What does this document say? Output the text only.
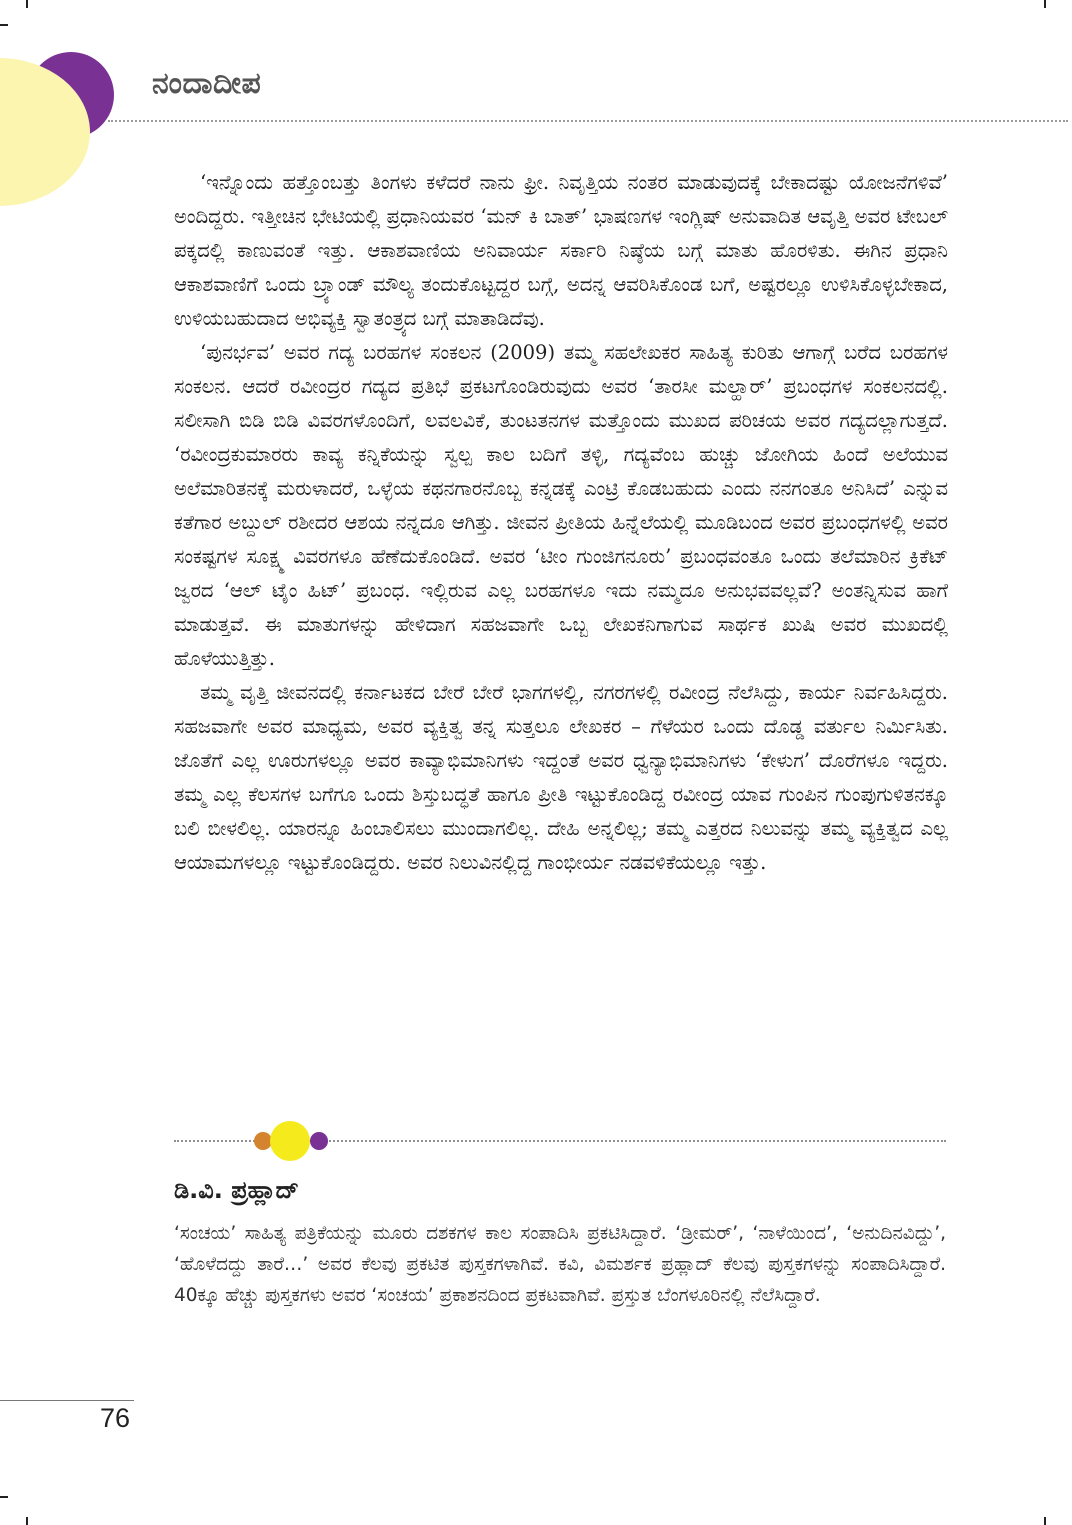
ನಂದಾದೀಪ

‘ಇನ್ನೊಂದು ಹತ್ತೊಂಬತ್ತು ತಿಂಗಳು ಕಳೆದರೆ ನಾನು ಫ್ರೀ. ನಿವೃತ್ತಿಯ ನಂತರ ಮಾಡುವುದಕ್ಕೆ ಬೇಕಾದಷ್ಟು ಯೋಜನೆಗಳಿವೆ’ ಅಂದಿದ್ದರು. ಇತ್ತೀಚಿನ ಭೇಟಿಯಲ್ಲಿ ಪ್ರಧಾನಿಯವರ ‘ಮನ್ ಕಿ ಬಾತ್’ ಭಾಷಣಗಳ ಇಂಗ್ಲಿಷ್ ಅನುವಾದಿತ ಆವೃತ್ತಿ ಅವರ ಟೇಬಲ್ ಪಕ್ಕದಲ್ಲಿ ಕಾಣುವಂತೆ ಇತ್ತು. ಆಕಾಶವಾಣಿಯ ಅನಿವಾರ್ಯ ಸರ್ಕಾರಿ ನಿಷ್ಠೆಯ ಬಗ್ಗೆ ಮಾತು ಹೊರಳಿತು. ಈಗಿನ ಪ್ರಧಾನಿ ಆಕಾಶವಾಣಿಗೆ ಒಂದು ಬ್ರ್ಯಾಂಡ್ ಮೌಲ್ಯ ತಂದುಕೊಟ್ಟದ್ದರ ಬಗ್ಗೆ, ಅದನ್ನ ಆವರಿಸಿಕೊಂಡ ಬಗೆ, ಅಷ್ಟರಲ್ಲೂ ಉಳಿಸಿಕೊಳ್ಳಬೇಕಾದ, ಉಳಿಯಬಹುದಾದ ಅಭಿವ್ಯಕ್ತಿ ಸ್ವಾತಂತ್ರ್ಯದ ಬಗ್ಗೆ ಮಾತಾಡಿದೆವು.

‘ಪುನರ್ಭವ’ ಅವರ ಗದ್ಯ ಬರಹಗಳ ಸಂಕಲನ (2009) ತಮ್ಮ ಸಹಲೇಖಕರ ಸಾಹಿತ್ಯ ಕುರಿತು ಆಗಾಗ್ಗೆ ಬರೆದ ಬರಹಗಳ ಸಂಕಲನ. ಆದರೆ ರವೀಂದ್ರರ ಗದ್ಯದ ಪ್ರತಿಭೆ ಪ್ರಕಟಗೊಂಡಿರುವುದು ಅವರ ‘ತಾರಸೀ ಮಲ್ಹಾರ್’ ಪ್ರಬಂಧಗಳ ಸಂಕಲನದಲ್ಲಿ. ಸಲೀಸಾಗಿ ಬಿಡಿ ಬಿಡಿ ವಿವರಗಳೊಂದಿಗೆ, ಲವಲವಿಕೆ, ತುಂಟತನಗಳ ಮತ್ತೊಂದು ಮುಖದ ಪರಿಚಯ ಅವರ ಗದ್ಯದಲ್ಲಾಗುತ್ತದೆ. ‘ರವೀಂದ್ರಕುಮಾರರು ಕಾವ್ಯ ಕನ್ನಿಕೆಯನ್ನು ಸ್ವಲ್ಪ ಕಾಲ ಬದಿಗೆ ತಳ್ಳಿ, ಗದ್ಯವೆಂಬ ಹುಚ್ಚು ಜೋಗಿಯ ಹಿಂದೆ ಅಲೆಯುವ ಅಲೆಮಾರಿತನಕ್ಕೆ ಮರುಳಾದರೆ, ಒಳ್ಳೆಯ ಕಥನಗಾರನೊಬ್ಬ ಕನ್ನಡಕ್ಕೆ ಎಂಟ್ರಿ ಕೊಡಬಹುದು ಎಂದು ನನಗಂತೂ ಅನಿಸಿದೆ’ ಎನ್ನುವ ಕತೆಗಾರ ಅಬ್ದುಲ್ ರಶೀದರ ಆಶಯ ನನ್ನದೂ ಆಗಿತ್ತು. ಜೀವನ ಪ್ರೀತಿಯ ಹಿನ್ನೆಲೆಯಲ್ಲಿ ಮೂಡಿಬಂದ ಅವರ ಪ್ರಬಂಧಗಳಲ್ಲಿ ಅವರ ಸಂಕಷ್ಟಗಳ ಸೂಕ್ಷ್ಮ ವಿವರಗಳೂ ಹೆಣೆದುಕೊಂಡಿದೆ. ಅವರ ‘ಟೀಂ ಗುಂಜಿಗನೂರು’ ಪ್ರಬಂಧವಂತೂ ಒಂದು ತಲೆಮಾರಿನ ಕ್ರಿಕೆಟ್ ಜ್ವರದ ‘ಆಲ್ ಟೈಂ ಹಿಟ್’ ಪ್ರಬಂಧ. ಇಲ್ಲಿರುವ ಎಲ್ಲ ಬರಹಗಳೂ ಇದು ನಮ್ಮದೂ ಅನುಭವವಲ್ಲವೆ? ಅಂತನ್ನಿಸುವ ಹಾಗೆ ಮಾಡುತ್ತವೆ. ಈ ಮಾತುಗಳನ್ನು ಹೇಳಿದಾಗ ಸಹಜವಾಗೇ ಒಬ್ಬ ಲೇಖಕನಿಗಾಗುವ ಸಾರ್ಥಕ ಖುಷಿ ಅವರ ಮುಖದಲ್ಲಿ ಹೊಳೆಯುತ್ತಿತ್ತು.

ತಮ್ಮ ವೃತ್ತಿ ಜೀವನದಲ್ಲಿ ಕರ್ನಾಟಕದ ಬೇರೆ ಬೇರೆ ಭಾಗಗಳಲ್ಲಿ, ನಗರಗಳಲ್ಲಿ ರವೀಂದ್ರ ನೆಲೆಸಿದ್ದು, ಕಾರ್ಯ ನಿರ್ವಹಿಸಿದ್ದರು. ಸಹಜವಾಗೇ ಅವರ ಮಾಧ್ಯಮ, ಅವರ ವ್ಯಕ್ತಿತ್ವ ತನ್ನ ಸುತ್ತಲೂ ಲೇಖಕರ – ಗೆಳೆಯರ ಒಂದು ದೊಡ್ಡ ವರ್ತುಲ ನಿರ್ಮಿಸಿತು. ಜೊತೆಗೆ ಎಲ್ಲ ಊರುಗಳಲ್ಲೂ ಅವರ ಕಾವ್ಯಾಭಿಮಾನಿಗಳು ಇದ್ದಂತೆ ಅವರ ಧ್ವನ್ಯಾಭಿಮಾನಿಗಳು ‘ಕೇಳುಗ’ ದೊರೆಗಳೂ ಇದ್ದರು. ತಮ್ಮ ಎಲ್ಲ ಕೆಲಸಗಳ ಬಗೆಗೂ ಒಂದು ಶಿಸ್ತುಬದ್ಧತೆ ಹಾಗೂ ಪ್ರೀತಿ ಇಟ್ಟುಕೊಂಡಿದ್ದ ರವೀಂದ್ರ ಯಾವ ಗುಂಪಿನ ಗುಂಪುಗುಳಿತನಕ್ಕೂ ಬಲಿ ಬೀಳಲಿಲ್ಲ. ಯಾರನ್ನೂ ಹಿಂಬಾಲಿಸಲು ಮುಂದಾಗಲಿಲ್ಲ. ದೇಹಿ ಅನ್ನಲಿಲ್ಲ; ತಮ್ಮ ಎತ್ತರದ ನಿಲುವನ್ನು ತಮ್ಮ ವ್ಯಕ್ತಿತ್ವದ ಎಲ್ಲ ಆಯಾಮಗಳಲ್ಲೂ ಇಟ್ಟುಕೊಂಡಿದ್ದರು. ಅವರ ನಿಲುವಿನಲ್ಲಿದ್ದ ಗಾಂಭೀರ್ಯ ನಡವಳಿಕೆಯಲ್ಲೂ ಇತ್ತು.

ಡಿ.ವಿ. ಪ್ರಹ್ಲಾದ್

‘ಸಂಚಯ’ ಸಾಹಿತ್ಯ ಪತ್ರಿಕೆಯನ್ನು ಮೂರು ದಶಕಗಳ ಕಾಲ ಸಂಪಾದಿಸಿ ಪ್ರಕಟಿಸಿದ್ದಾರೆ. ‘ಡ್ರೀಮರ್’, ‘ನಾಳೆಯಿಂದ’, ‘ಅನುದಿನವಿದ್ದು’, ‘ಹೊಳೆದದ್ದು ತಾರೆ…’ ಅವರ ಕೆಲವು ಪ್ರಕಟಿತ ಪುಸ್ತಕಗಳಾಗಿವೆ. ಕವಿ, ವಿಮರ್ಶಕ ಪ್ರಹ್ಲಾದ್ ಕೆಲವು ಪುಸ್ತಕಗಳನ್ನು ಸಂಪಾದಿಸಿದ್ದಾರೆ. 40ಕ್ಕೂ ಹೆಚ್ಚು ಪುಸ್ತಕಗಳು ಅವರ ‘ಸಂಚಯ’ ಪ್ರಕಾಶನದಿಂದ ಪ್ರಕಟವಾಗಿವೆ. ಪ್ರಸ್ತುತ ಬೆಂಗಳೂರಿನಲ್ಲಿ ನೆಲೆಸಿದ್ದಾರೆ.

76
